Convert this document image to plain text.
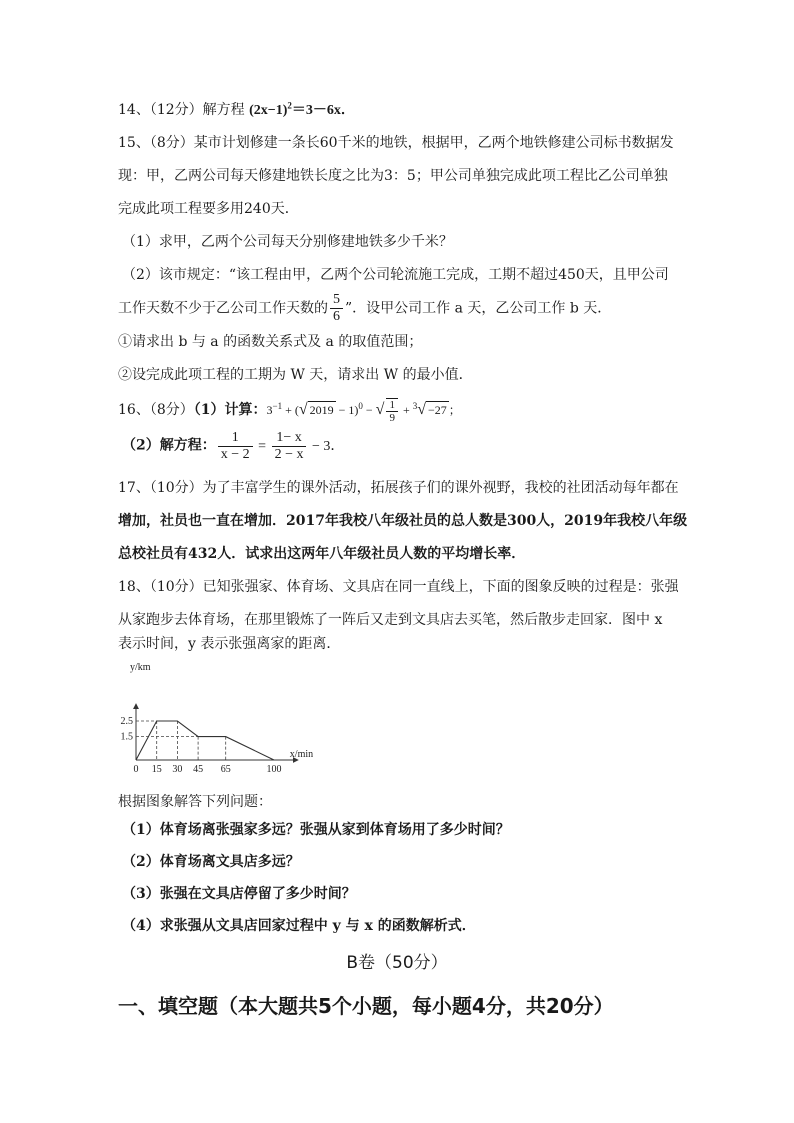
14、（12分）解方程 $(2x-1)^2=3-6x$．
15、（8分）某市计划修建一条长60千米的地铁，根据甲，乙两个地铁修建公司标书数据发
现：甲，乙两公司每天修建地铁长度之比为3：5；甲公司单独完成此项工程比乙公司单独
完成此项工程要多用240天．
（1）求甲，乙两个公司每天分别修建地铁多少千米？
（2）该市规定：“该工程由甲，乙两个公司轮流施工完成，工期不超过450天，且甲公司
工作天数不少于乙公司工作天数的 $\frac{5}{6}$ ”．设甲公司工作 a 天，乙公司工作 b 天．
①请求出 b 与 a 的函数关系式及 a 的取值范围；
②设完成此项工程的工期为 W 天，请求出 W 的最小值．
16、（8分）（1）计算：$3^{-1}$ + (√ 2019 − 1)$^0$ − √ $\frac{1}{9} + ^3√ -27$ ；
（2）解方程： $\frac{1}{x - 2} = \frac{1- x}{2 - x} - 3$．
17、（10分）为了丰富学生的课外活动，拓展孩子们的课外视野，我校的社团活动每年都在
增加，社员也一直在增加．2017年我校八年级社员的总人数是300人，2019年我校八年级
总校社员有432人．试求出这两年八年级社员人数的平均增长率．
18、（10分）已知张强家、体育场、文具店在同一直线上，下面的图象反映的过程是：张强
从家跑步去体育场，在那里锻炼了一阵后又走到文具店去买笔，然后散步走回家．图中 x
表示时间，y 表示张强离家的距离．
y/km
x/min
0 15 30 45 65	100
2.5
1.5
根据图象解答下列问题：
（1）体育场离张强家多远？张强从家到体育场用了多少时间？
（2）体育场离文具店多远？
（3）张强在文具店停留了多少时间？
（4）求张强从文具店回家过程中 y 与 x 的函数解析式．
B卷（50分）
一、填空题（本大题共5个小题，每小题4分，共20分）
